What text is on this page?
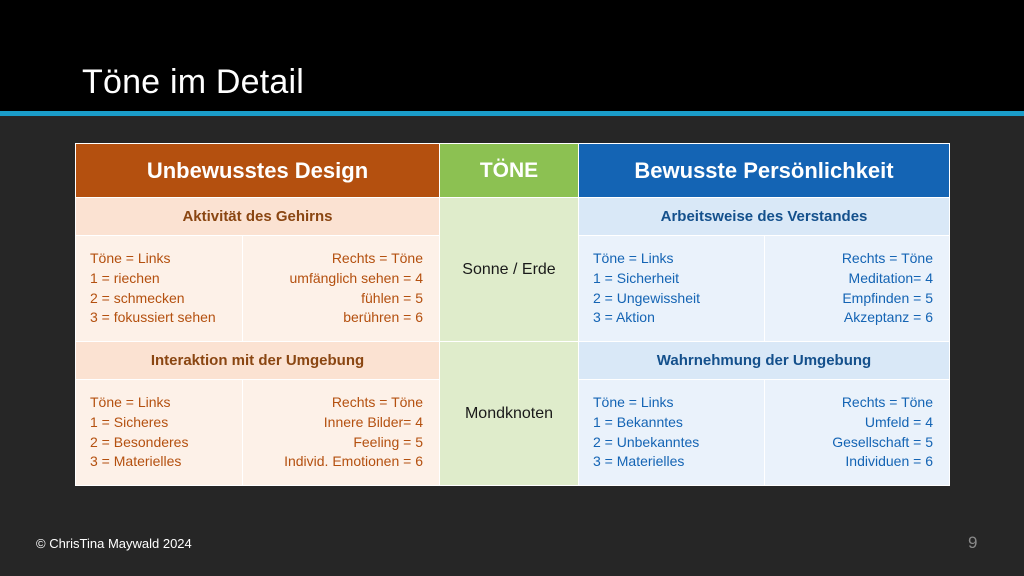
Töne im Detail
Unbewusstes Design		TÖNE	Bewusste Persönlichkeit	
Aktivität des Gehirns		Sonne / Erde	Arbeitsweise des Verstandes	

Töne = Links
1 = riechen
2 = schmecken
3 = fokussiert sehen

Rechts = Töne
umfänglich sehen = 4
fühlen = 5
berühren = 6

Töne = Links
1 = Sicherheit
2 = Ungewissheit
3 = Aktion

Rechts = Töne
Meditation= 4
Empfinden = 5
Akzeptanz = 6

Interaktion mit der Umgebung		Mondknoten	Wahrnehmung der Umgebung	

Töne = Links
1 = Sicheres
2 = Besonderes
3 = Materielles

Rechts = Töne
Innere Bilder= 4
Feeling = 5
Individ. Emotionen = 6

Töne = Links
1 = Bekanntes
2 = Unbekanntes
3 = Materielles

Rechts = Töne
Umfeld = 4
Gesellschaft = 5
Individuen = 6
© ChrisTina Maywald 2024	9
